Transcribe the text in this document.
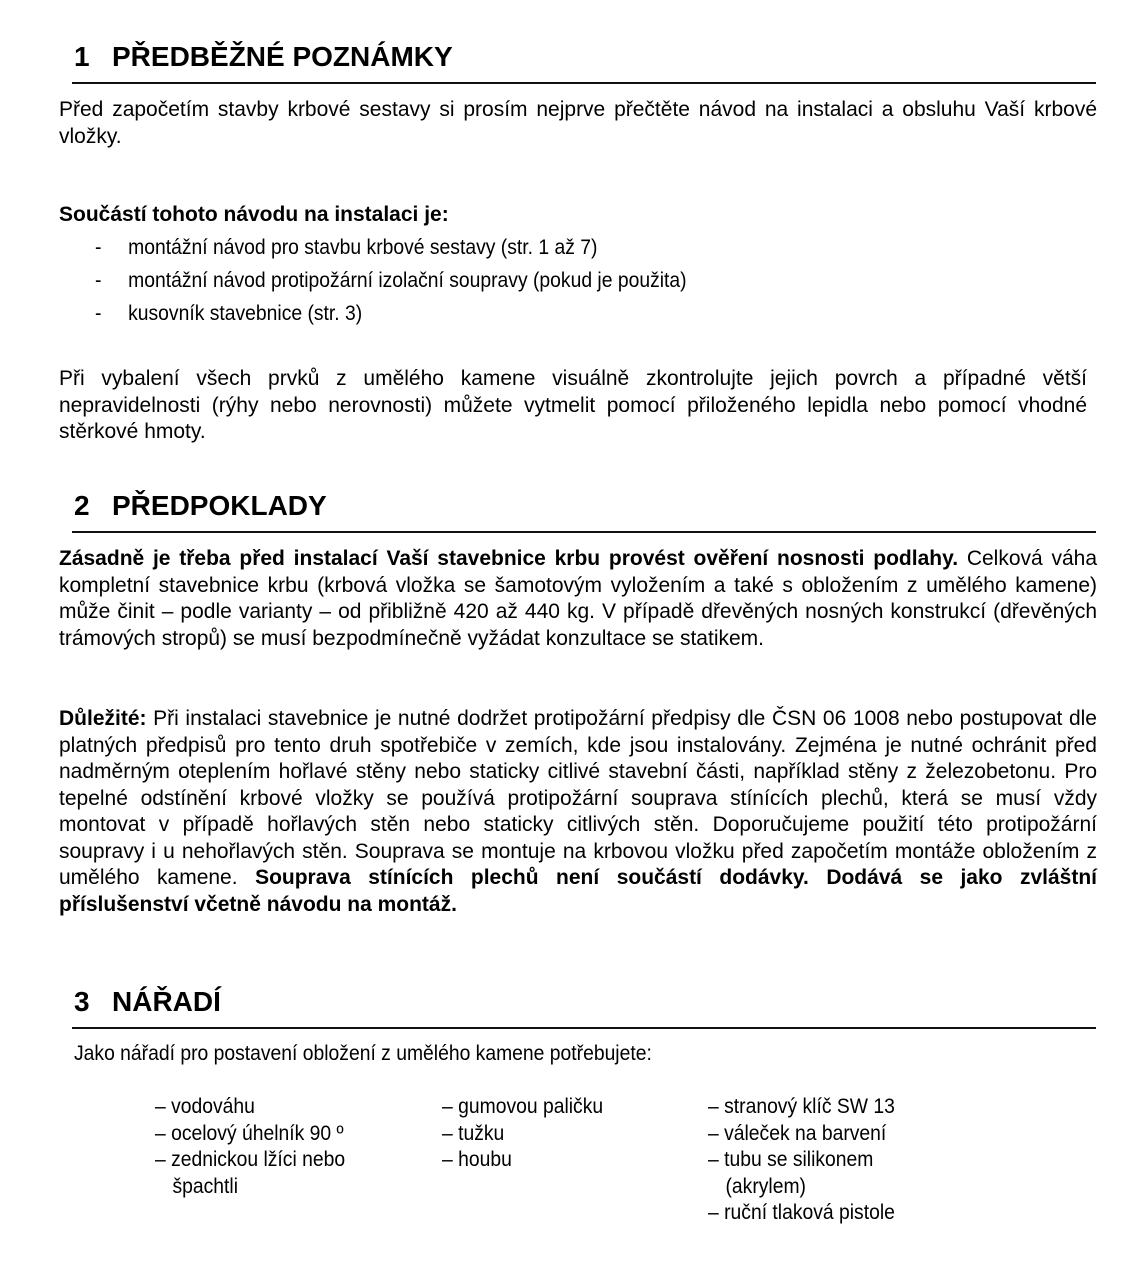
1 PŘEDBĚŽNÉ POZNÁMKY
Před započetím stavby krbové sestavy si prosím nejprve přečtěte návod na instalaci a obsluhu Vaší krbové vložky.
Součástí tohoto návodu na instalaci je:
- montážní návod pro stavbu krbové sestavy (str. 1 až 7)
- montážní návod protipožární izolační soupravy (pokud je použita)
- kusovník stavebnice (str. 3)
Při vybalení všech prvků z umělého kamene visuálně zkontrolujte jejich povrch a případné větší nepravidelnosti (rýhy nebo nerovnosti) můžete vytmelit pomocí přiloženého lepidla nebo pomocí vhodné stěrkové hmoty.
2 PŘEDPOKLADY
Zásadně je třeba před instalací Vaší stavebnice krbu provést ověření nosnosti podlahy. Celková váha kompletní stavebnice krbu (krbová vložka se šamotovým vyložením a také s obložením z umělého kamene) může činit – podle varianty – od přibližně 420 až 440 kg. V případě dřevěných nosných konstrukcí (dřevěných trámových stropů) se musí bezpodmínečně vyžádat konzultace se statikem.
Důležité: Při instalaci stavebnice je nutné dodržet protipožární předpisy dle ČSN 06 1008 nebo postupovat dle platných předpisů pro tento druh spotřebiče v zemích, kde jsou instalovány. Zejména je nutné ochránit před nadměrným oteplením hořlavé stěny nebo staticky citlivé stavební části, například stěny z železobetonu. Pro tepelné odstínění krbové vložky se používá protipožární souprava stínících plechů, která se musí vždy montovat v případě hořlavých stěn nebo staticky citlivých stěn. Doporučujeme použití této protipožární soupravy i u nehořlavých stěn. Souprava se montuje na krbovou vložku před započetím montáže obložením z umělého kamene. Souprava stínících plechů není součástí dodávky. Dodává se jako zvláštní příslušenství včetně návodu na montáž.
3 NÁŘADÍ
Jako nářadí pro postavení obložení z umělého kamene potřebujete:
– vodováhu
– ocelový úhelník 90 º
– zednickou lžíci nebo
špachtli
– gumovou paličku
– tužku
– houbu
– stranový klíč SW 13
– váleček na barvení
– tubu se silikonem
(akrylem)
– ruční tlaková pistole
